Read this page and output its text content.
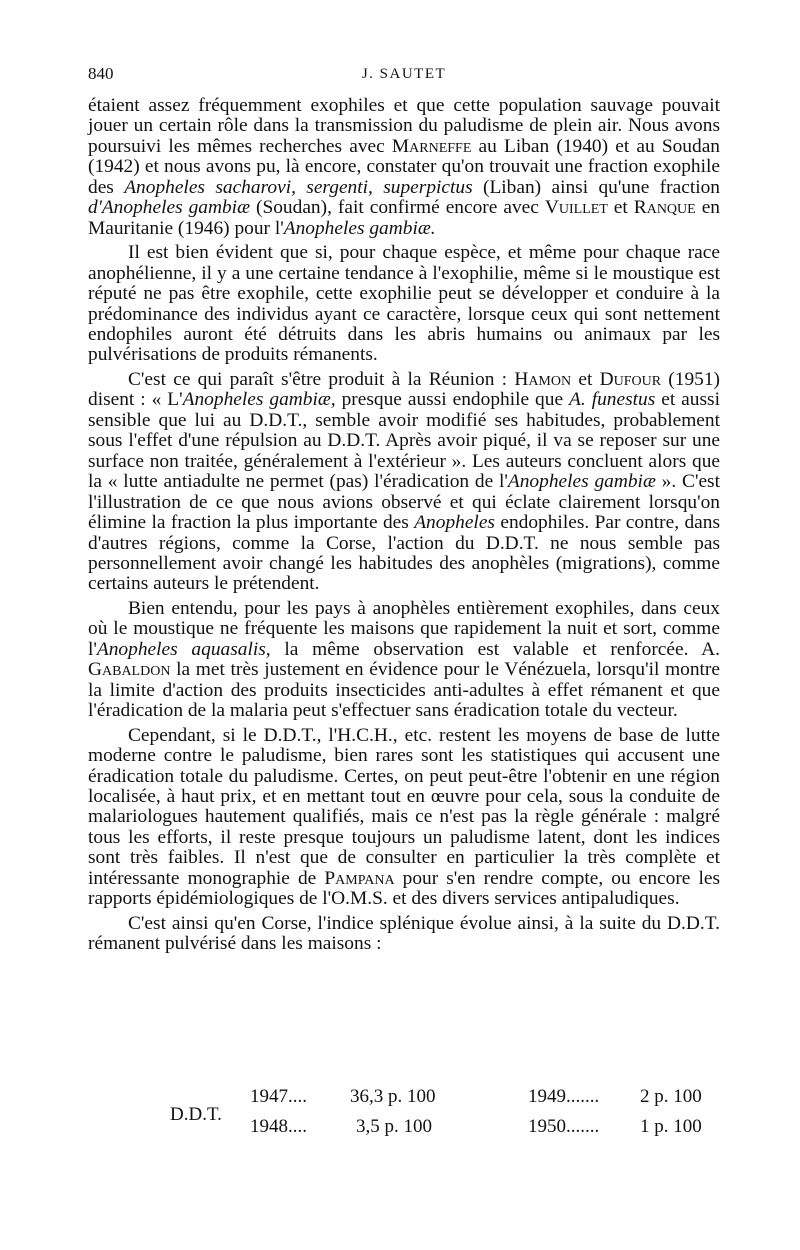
840	J. SAUTET

étaient assez fréquemment exophiles et que cette population sauvage pouvait jouer un certain rôle dans la transmission du paludisme de plein air. Nous avons poursuivi les mêmes recherches avec Marneffe au Liban (1940) et au Soudan (1942) et nous avons pu, là encore, constater qu'on trouvait une fraction exophile des Anopheles sacharovi, sergenti, superpictus (Liban) ainsi qu'une fraction d'Anopheles gambiæ (Soudan), fait confirmé encore avec Vuillet et Ranque en Mauritanie (1946) pour l'Anopheles gambiæ.

Il est bien évident que si, pour chaque espèce, et même pour chaque race anophélienne, il y a une certaine tendance à l'exophilie, même si le moustique est réputé ne pas être exophile, cette exophilie peut se développer et conduire à la prédominance des individus ayant ce caractère, lorsque ceux qui sont nettement endophiles auront été détruits dans les abris humains ou animaux par les pulvérisations de produits rémanents.

C'est ce qui paraît s'être produit à la Réunion : Hamon et Dufour (1951) disent : « L'Anopheles gambiæ, presque aussi endophile que A. funestus et aussi sensible que lui au D.D.T., semble avoir modifié ses habitudes, probablement sous l'effet d'une répulsion au D.D.T. Après avoir piqué, il va se reposer sur une surface non traitée, généralement à l'extérieur ». Les auteurs concluent alors que la « lutte antiadulte ne permet (pas) l'éradication de l'Anopheles gambiæ ». C'est l'illustration de ce que nous avions observé et qui éclate clairement lorsqu'on élimine la fraction la plus importante des Anopheles endophiles. Par contre, dans d'autres régions, comme la Corse, l'action du D.D.T. ne nous semble pas personnellement avoir changé les habitudes des anophèles (migrations), comme certains auteurs le prétendent.

Bien entendu, pour les pays à anophèles entièrement exophiles, dans ceux où le moustique ne fréquente les maisons que rapidement la nuit et sort, comme l'Anopheles aquasalis, la même observation est valable et renforcée. A. Gabaldon la met très justement en évidence pour le Vénézuela, lorsqu'il montre la limite d'action des produits insecticides anti-adultes à effet rémanent et que l'éradication de la malaria peut s'effectuer sans éradication totale du vecteur.

Cependant, si le D.D.T., l'H.C.H., etc. restent les moyens de base de lutte moderne contre le paludisme, bien rares sont les statistiques qui accusent une éradication totale du paludisme. Certes, on peut peut-être l'obtenir en une région localisée, à haut prix, et en mettant tout en œuvre pour cela, sous la conduite de malariologues hautement qualifiés, mais ce n'est pas la règle générale : malgré tous les efforts, il reste presque toujours un paludisme latent, dont les indices sont très faibles. Il n'est que de consulter en particulier la très complète et intéressante monographie de Pampana pour s'en rendre compte, ou encore les rapports épidémiologiques de l'O.M.S. et des divers services antipaludiques.

C'est ainsi qu'en Corse, l'indice splénique évolue ainsi, à la suite du D.D.T. rémanent pulvérisé dans les maisons :

D.D.T.
1947.... 36,3 p. 100	1949....... 2 p. 100
1948....	3,5 p. 100	1950....... 1 p. 100
